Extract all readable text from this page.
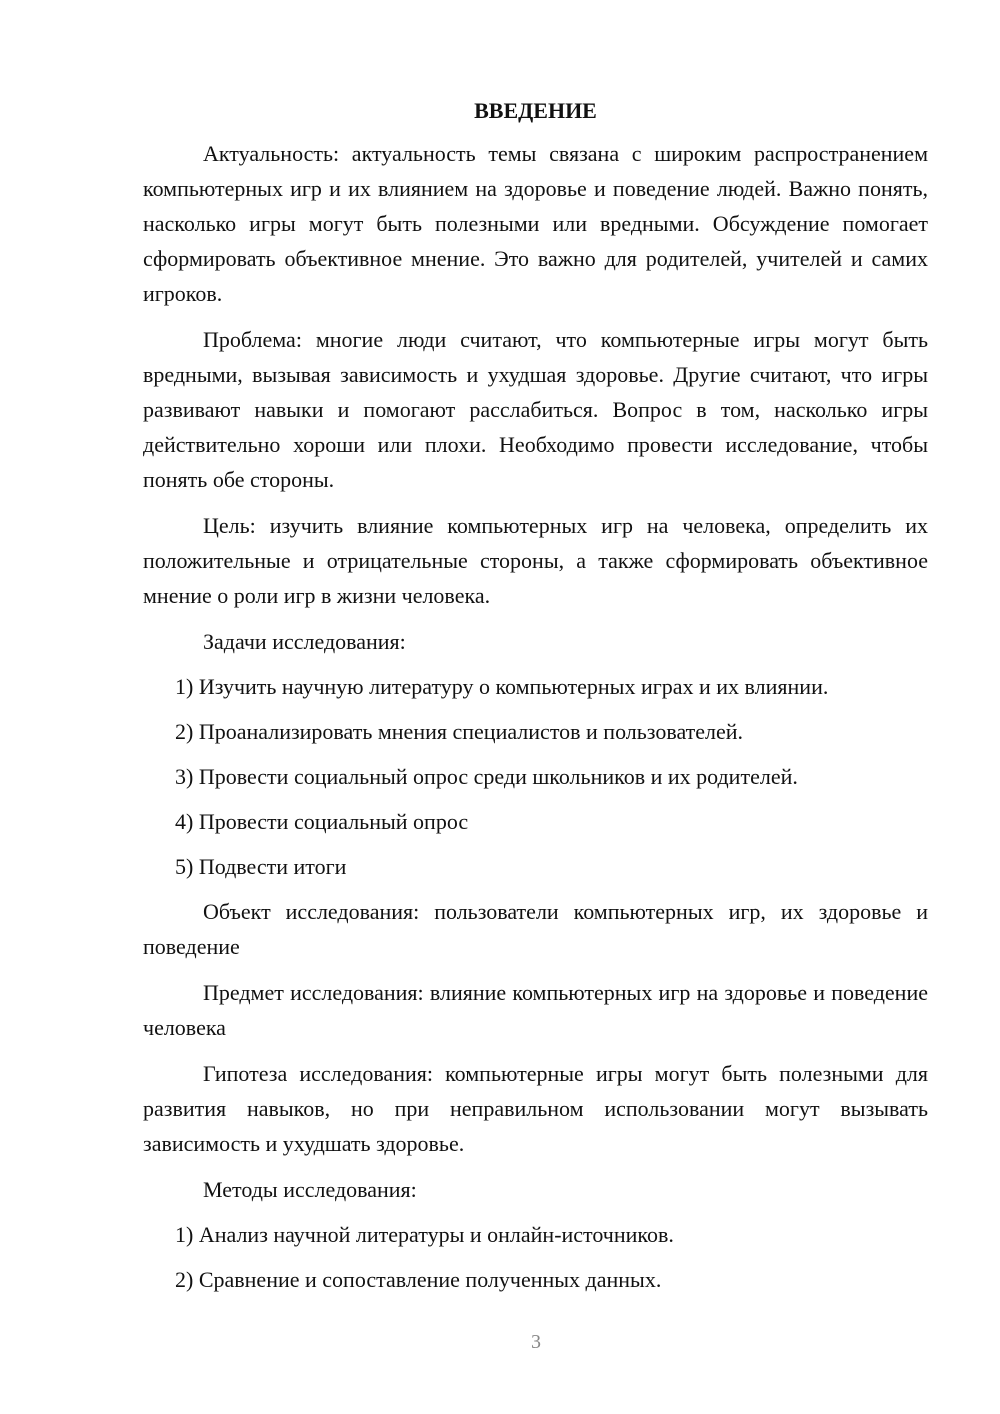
ВВЕДЕНИЕ

Актуальность: актуальность темы связана с широким распространением компьютерных игр и их влиянием на здоровье и поведение людей. Важно понять, насколько игры могут быть полезными или вредными. Обсуждение помогает сформировать объективное мнение. Это важно для родителей, учителей и самих игроков.

Проблема: многие люди считают, что компьютерные игры могут быть вредными, вызывая зависимость и ухудшая здоровье. Другие считают, что игры развивают навыки и помогают расслабиться. Вопрос в том, насколько игры действительно хороши или плохи. Необходимо провести исследование, чтобы понять обе стороны.

Цель: изучить влияние компьютерных игр на человека, определить их положительные и отрицательные стороны, а также сформировать объективное мнение о роли игр в жизни человека.

Задачи исследования:
1) Изучить научную литературу о компьютерных играх и их влиянии.
2) Проанализировать мнения специалистов и пользователей.
3) Провести социальный опрос среди школьников и их родителей.
4) Провести социальный опрос
5) Подвести итоги

Объект исследования: пользователи компьютерных игр, их здоровье и поведение

Предмет исследования: влияние компьютерных игр на здоровье и поведение человека

Гипотеза исследования: компьютерные игры могут быть полезными для развития навыков, но при неправильном использовании могут вызывать зависимость и ухудшать здоровье.

Методы исследования:
1) Анализ научной литературы и онлайн-источников.
2) Сравнение и сопоставление полученных данных.
3
